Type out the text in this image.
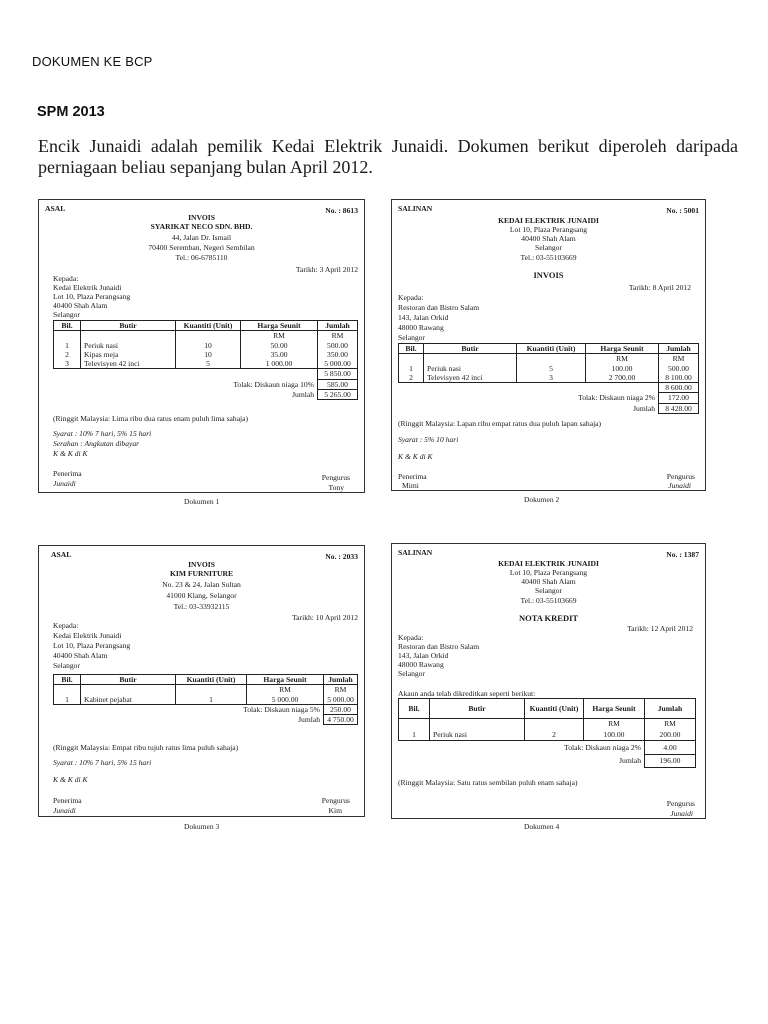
DOKUMEN KE BCP
SPM 2013
Encik Junaidi adalah pemilik Kedai Elektrik Junaidi. Dokumen berikut diperoleh daripada perniagaan beliau sepanjang bulan April 2012.
ASAL	No. : 8613
INVOIS
SYARIKAT NECO SDN. BHD.
44, Jalan Dr. Ismail
70400 Seremban, Negeri Sembilan
Tel.: 06-6785110
Tarikh: 3 April 2012
Kepada:
Kedai Elektrik Junaidi
Lot 10, Plaza Perangsang
40400 Shah Alam
Selangor
Bil.	Butir	Kuantiti (Unit)	Harga Seunit	Jumlah
			RM	RM
1	Periuk nasi	10	50.00	500.00
2	Kipas meja	10	35.00	350.00
3	Televisyen 42 inci	5	1 000.00	5 000.00
				5 850.00
Tolak: Diskaun niaga 10%				585.00
Jumlah				5 265.00
(Ringgit Malaysia: Lima ribu dua ratus enam puluh lima sahaja)
Syarat : 10% 7 hari, 5% 15 hari
Serahan : Angkutan dibayar
K & K di K
Penerima
Junaidi
Pengurus
Tony
Dokumen 1
SALINAN	No. : 5001
KEDAI ELEKTRIK JUNAIDI
Lot 10, Plaza Perangsang
40400 Shah Alam
Selangor
Tel.: 03-55103669
INVOIS
Tarikh: 8 April 2012
Kepada:
Restoran dan Bistro Salam
143, Jalan Orkid
48000 Rawang
Selangor
Bil.	Butir	Kuantiti (Unit)	Harga Seunit	Jumlah
			RM	RM
1	Periuk nasi	5	100.00	500.00
2	Televisyen 42 inci	3	2 700.00	8 100.00
				8 600.00
Tolak: Diskaun niaga 2%				172.00
Jumlah				8 428.00
(Ringgit Malaysia: Lapan ribu empat ratus dua puluh lapan sahaja)
Syarat : 5% 10 hari
K & K di K
Penerima
Mimi
Pengurus
Junaidi
Dokumen 2
ASAL	No. : 2033
INVOIS
KIM FURNITURE
No. 23 & 24, Jalan Sultan
41000 Klang, Selangor
Tel.: 03-33932115
Tarikh: 10 April 2012
Kepada:
Kedai Elektrik Junaidi
Lot 10, Plaza Perangsang
40400 Shah Alam
Selangor
Bil.	Butir	Kuantiti (Unit)	Harga Seunit	Jumlah
			RM	RM
1	Kabinet pejabat	1	5 000.00	5 000.00
Tolak: Diskaun niaga 5%				250.00
Jumlah				4 750.00
(Ringgit Malaysia: Empat ribu tujuh ratus lima puluh sahaja)
Syarat : 10% 7 hari, 5% 15 hari
K & K di K
Penerima
Junaidi
Pengurus
Kim
Dokumen 3
SALINAN	No. : 1387
KEDAI ELEKTRIK JUNAIDI
Lot 10, Plaza Perangsang
40400 Shah Alam
Selangor
Tel.: 03-55103669
NOTA KREDIT
Tarikh: 12 April 2012
Kepada:
Restoran dan Bistro Salam
143, Jalan Orkid
48000 Rawang
Selangor
Akaun anda telah dikreditkan seperti berikut:
Bil.	Butir	Kuantiti (Unit)	Harga Seunit	Jumlah
			RM	RM
1	Periuk nasi	2	100.00	200.00
Tolak: Diskaun niaga 2%				4.00
Jumlah				196.00
(Ringgit Malaysia: Satu ratus sembilan puluh enam sahaja)
Pengurus
Junaidi
Dokumen 4
